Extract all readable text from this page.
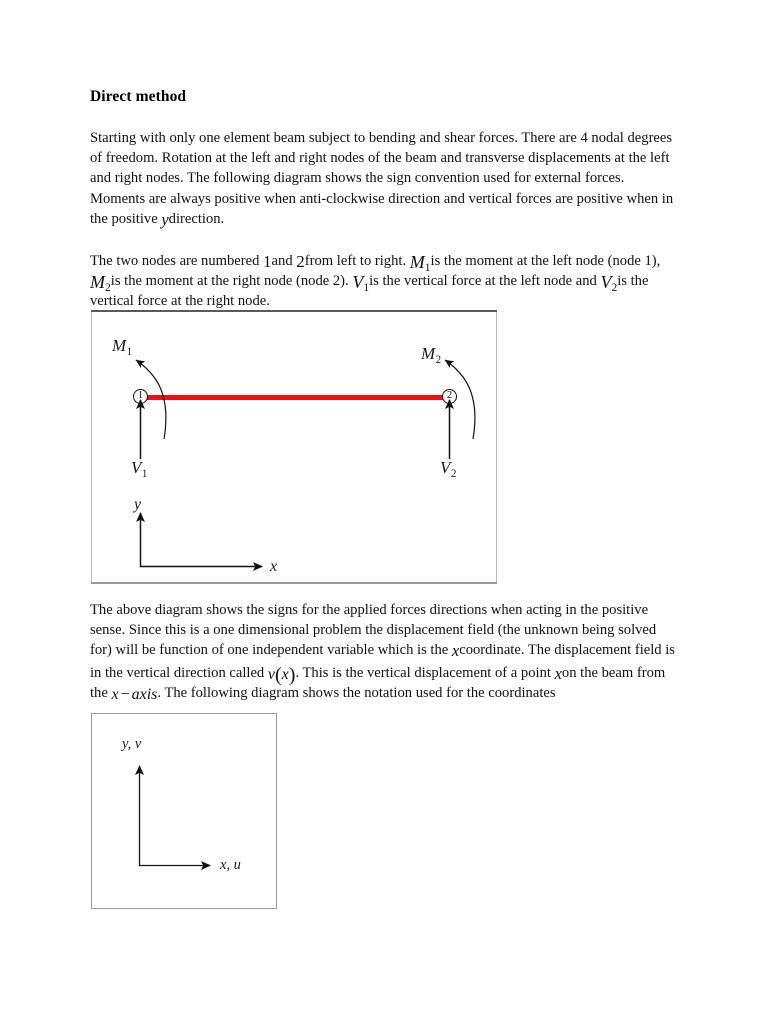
Direct method

Starting with only one element beam subject to bending and shear forces. There are 4 nodal degrees of freedom. Rotation at the left and right nodes of the beam and transverse displacements at the left and right nodes. The following diagram shows the sign convention used for external forces. Moments are always positive when anti-clockwise direction and vertical forces are positive when in the positive ydirection.

The two nodes are numbered 1and 2from left to right. M1is the moment at the left node (node 1), M2is the moment at the right node (node 2). V1is the vertical force at the left node and V2is the vertical force at the right node.

1	2
$M_1$	$M_2$
$V_1$	$V_2$
y
x

The above diagram shows the signs for the applied forces directions when acting in the positive sense. Since this is a one dimensional problem the displacement field (the unknown being solved for) will be function of one independent variable which is the xcoordinate. The displacement field is in the vertical direction called v(x). This is the vertical displacement of a point xon the beam from the x − axis. The following diagram shows the notation used for the coordinates

y, v
x, u
